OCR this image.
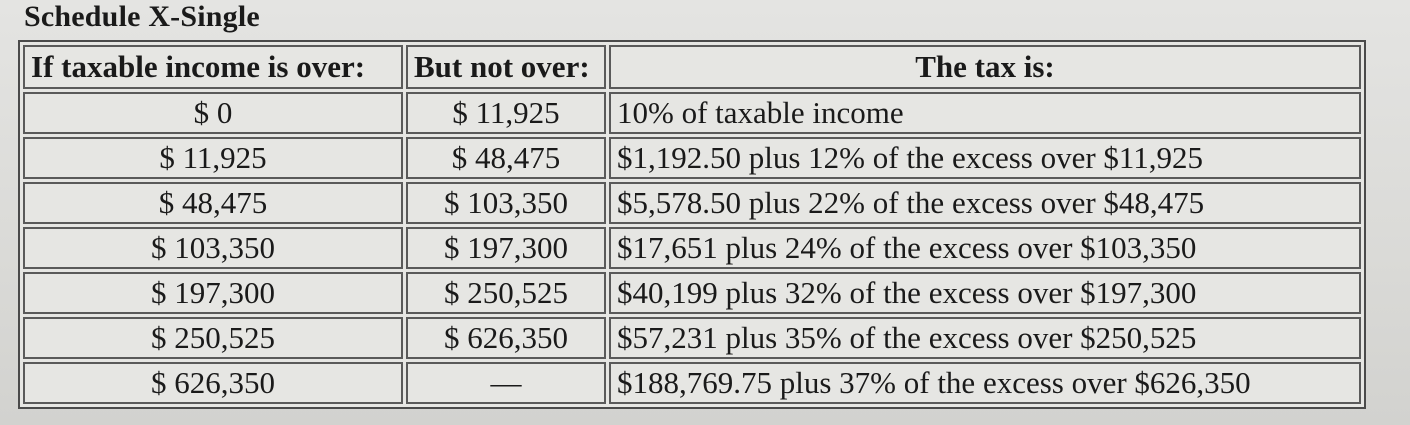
Schedule X-Single
If taxable income is over:	But not over:	The tax is:
$ 0	$ 11,925	10% of taxable income
$ 11,925	$ 48,475	$1,192.50 plus 12% of the excess over $11,925
$ 48,475	$ 103,350	$5,578.50 plus 22% of the excess over $48,475
$ 103,350	$ 197,300	$17,651 plus 24% of the excess over $103,350
$ 197,300	$ 250,525	$40,199 plus 32% of the excess over $197,300
$ 250,525	$ 626,350	$57,231 plus 35% of the excess over $250,525
$ 626,350	—	$188,769.75 plus 37% of the excess over $626,350
